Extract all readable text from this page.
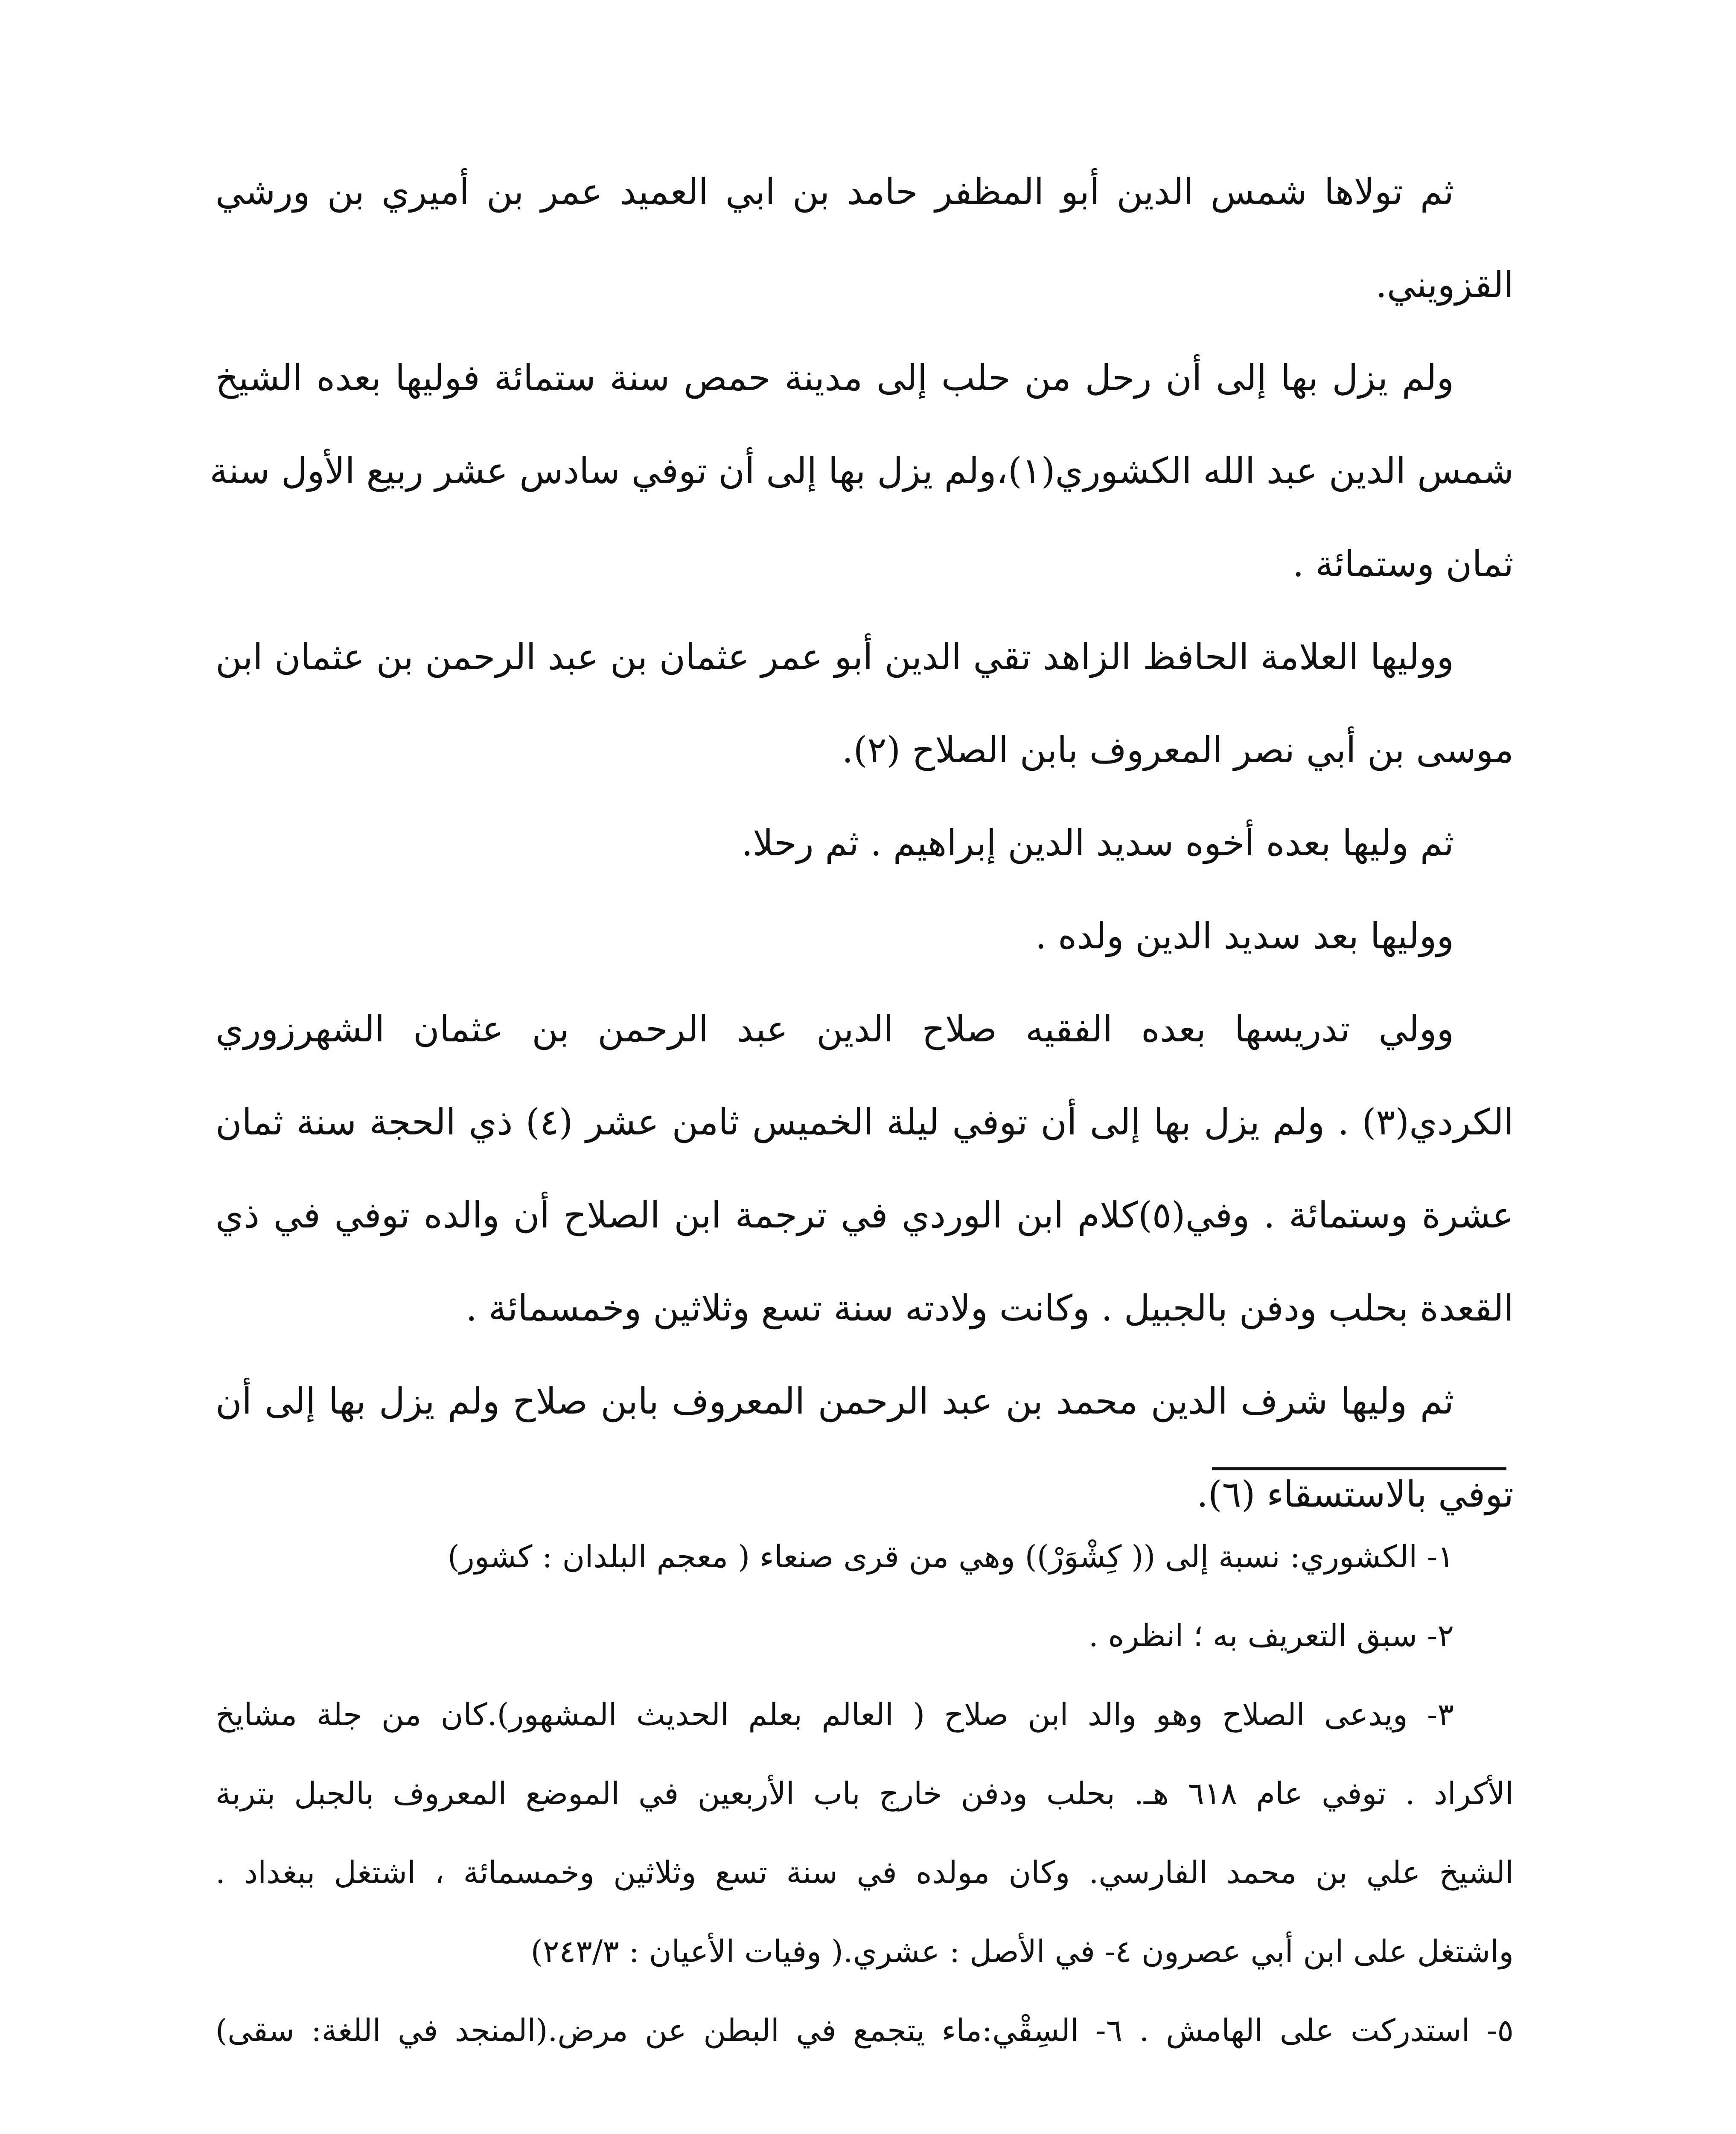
ثم تولاها شمس الدين أبو المظفر حامد بن ابي العميد عمر بن أميري بن ورشي
القزويني.
ولم يزل بها إلى أن رحل من حلب إلى مدينة حمص سنة ستمائة فوليها بعده الشيخ
شمس الدين عبد الله الكشوري(١)،ولم يزل بها إلى أن توفي سادس عشر ربيع الأول سنة
ثمان وستمائة .
ووليها العلامة الحافظ الزاهد تقي الدين أبو عمر عثمان بن عبد الرحمن بن عثمان ابن
موسى بن أبي نصر المعروف بابن الصلاح (٢).
ثم وليها بعده أخوه سديد الدين إبراهيم . ثم رحلا.
ووليها بعد سديد الدين ولده .
وولي تدريسها بعده الفقيه صلاح الدين عبد الرحمن بن عثمان الشهرزوري
الكردي(٣) . ولم يزل بها إلى أن توفي ليلة الخميس ثامن عشر (٤) ذي الحجة سنة ثمان
عشرة وستمائة . وفي(٥)كلام ابن الوردي في ترجمة ابن الصلاح أن والده توفي في ذي
القعدة بحلب ودفن بالجبيل . وكانت ولادته سنة تسع وثلاثين وخمسمائة .
ثم وليها شرف الدين محمد بن عبد الرحمن المعروف بابن صلاح ولم يزل بها إلى أن
توفي بالاستسقاء (٦).
١- الكشوري: نسبة إلى (( كِشْوَرْ)) وهي من قرى صنعاء ( معجم البلدان : كشور)
٢- سبق التعريف به ؛ انظره .
٣- ويدعى الصلاح وهو والد ابن صلاح ( العالم بعلم الحديث المشهور).كان من جلة مشايخ
الأكراد . توفي عام ٦١٨ هـ. بحلب ودفن خارج باب الأربعين في الموضع المعروف بالجبل بتربة
الشيخ علي بن محمد الفارسي. وكان مولده في سنة تسع وثلاثين وخمسمائة ، اشتغل ببغداد .
واشتغل على ابن أبي عصرون ٤- في الأصل : عشري.( وفيات الأعيان : ٢٤٣/٣)
٥- استدركت على الهامش . ٦- السِقْي:ماء يتجمع في البطن عن مرض.(المنجد في اللغة: سقى)
